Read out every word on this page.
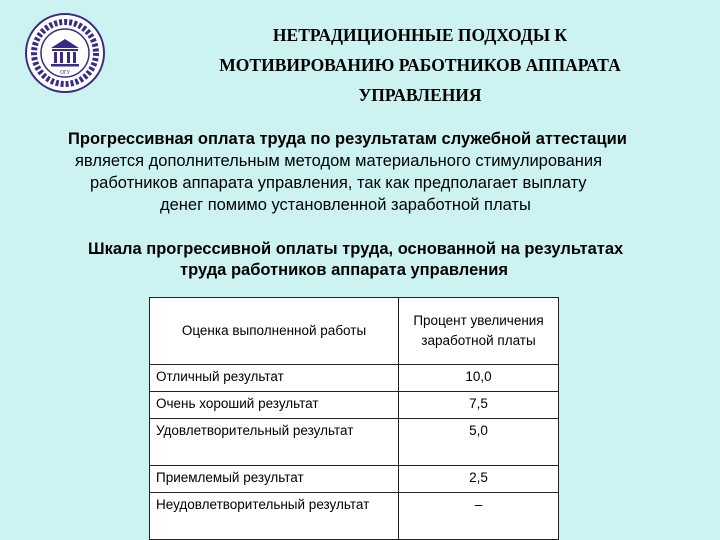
ОГУ
НЕТРАДИЦИОННЫЕ ПОДХОДЫ К
МОТИВИРОВАНИЮ РАБОТНИКОВ АППАРАТА
УПРАВЛЕНИЯ
Прогрессивная оплата труда по результатам служебной аттестации
является дополнительным методом материального стимулирования
работников аппарата управления, так как предполагает выплату
денег помимо установленной заработной платы
Шкала прогрессивной оплаты труда, основанной на результатах
труда работников аппарата управления
Оценка выполненной работы	Процент увеличения заработной платы
Отличный результат	10,0
Очень хороший результат	7,5
Удовлетворительный результат	5,0
Приемлемый результат	2,5
Неудовлетворительный результат	–
